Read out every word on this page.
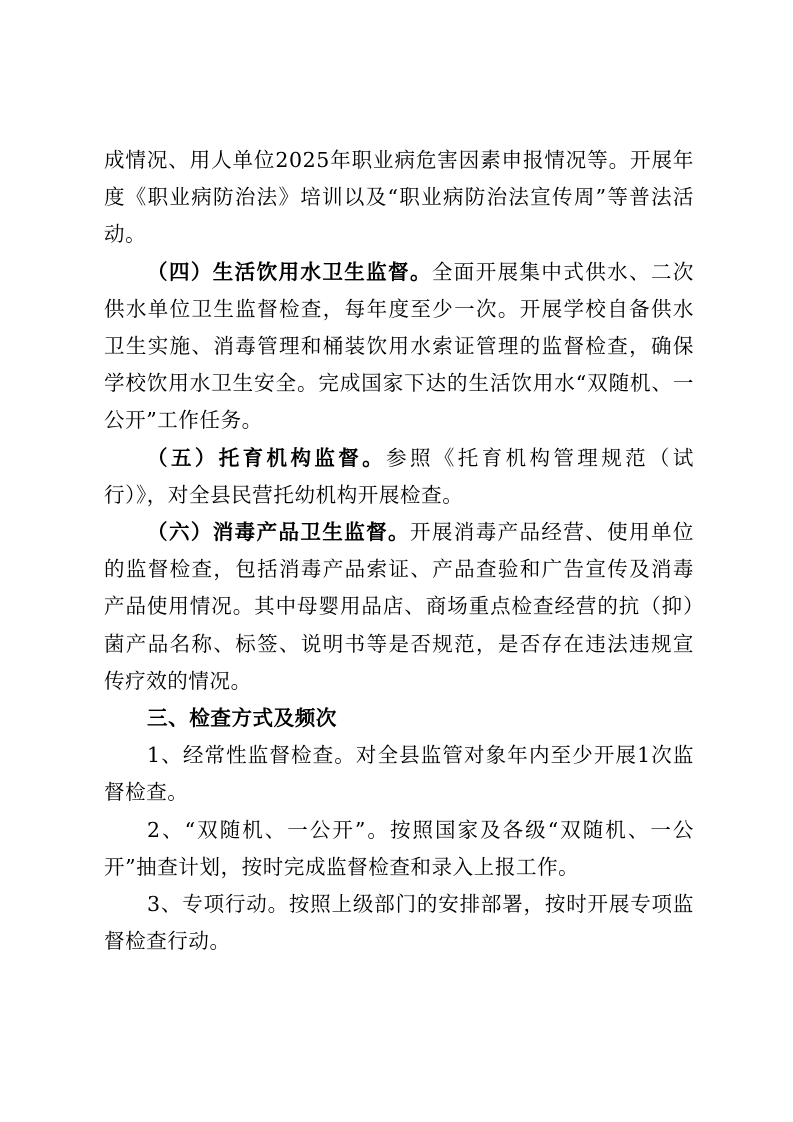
成情况、用人单位2025年职业病危害因素申报情况等。开展年度《职业病防治法》培训以及“职业病防治法宣传周”等普法活动。

（四）生活饮用水卫生监督。全面开展集中式供水、二次供水单位卫生监督检查，每年度至少一次。开展学校自备供水卫生实施、消毒管理和桶装饮用水索证管理的监督检查，确保学校饮用水卫生安全。完成国家下达的生活饮用水“双随机、一公开”工作任务。

（五）托育机构监督。参照《托育机构管理规范（试行）》，对全县民营托幼机构开展检查。

（六）消毒产品卫生监督。开展消毒产品经营、使用单位的监督检查，包括消毒产品索证、产品查验和广告宣传及消毒产品使用情况。其中母婴用品店、商场重点检查经营的抗（抑）菌产品名称、标签、说明书等是否规范，是否存在违法违规宣传疗效的情况。

三、检查方式及频次

1、经常性监督检查。对全县监管对象年内至少开展1次监督检查。

2、“双随机、一公开”。按照国家及各级“双随机、一公开”抽查计划，按时完成监督检查和录入上报工作。

3、专项行动。按照上级部门的安排部署，按时开展专项监督检查行动。
